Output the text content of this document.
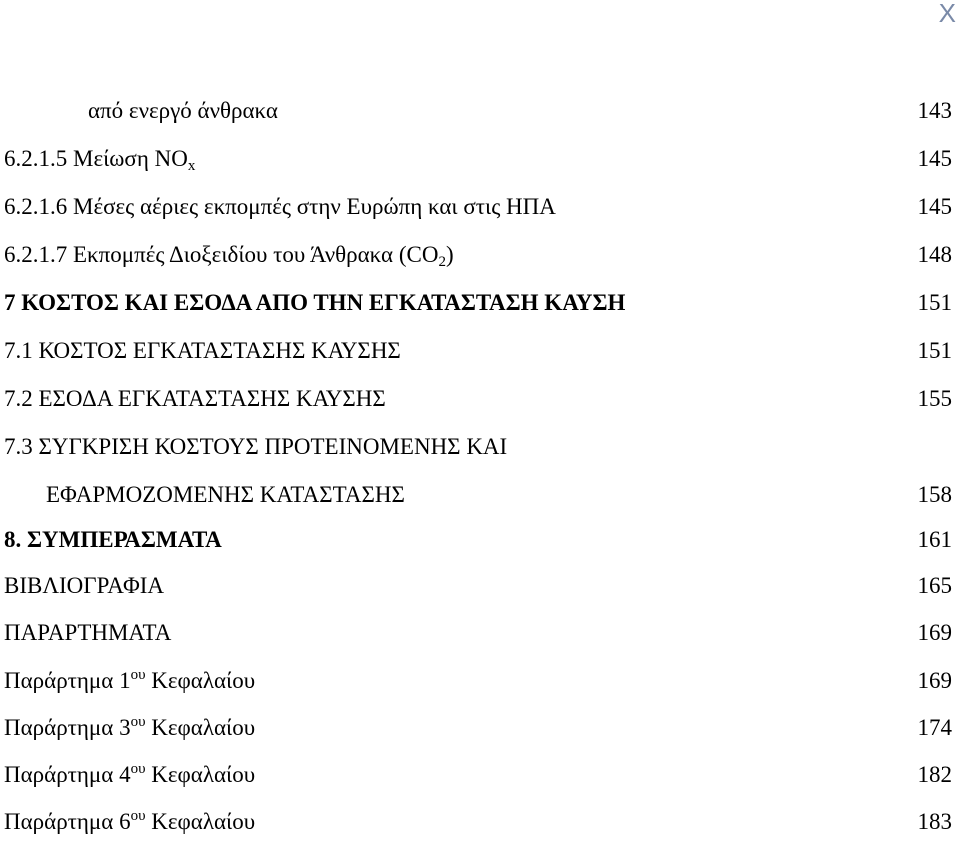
X
από ενεργό άνθρακα	143
6.2.1.5 Μείωση $NO_x$	145
6.2.1.6 Μέσες αέριες εκπομπές στην Ευρώπη και στις ΗΠΑ	145
6.2.1.7 Εκπομπές Διοξειδίου του Άνθρακα $(CO_2)$	148
7 ΚΟΣΤΟΣ ΚΑΙ ΕΣΟΔΑ ΑΠΟ ΤΗΝ ΕΓΚΑΤΑΣΤΑΣΗ ΚΑΥΣΗ	151
7.1 ΚΟΣΤΟΣ ΕΓΚΑΤΑΣΤΑΣΗΣ ΚΑΥΣΗΣ	151
7.2 ΕΣΟΔΑ ΕΓΚΑΤΑΣΤΑΣΗΣ ΚΑΥΣΗΣ	155
7.3 ΣΥΓΚΡΙΣΗ ΚΟΣΤΟΥΣ ΠΡΟΤΕΙΝΟΜΕΝΗΣ ΚΑΙ
ΕΦΑΡΜΟΖΟΜΕΝΗΣ ΚΑΤΑΣΤΑΣΗΣ	158
8. ΣΥΜΠΕΡΑΣΜΑΤΑ	161
ΒΙΒΛΙΟΓΡΑΦΙΑ	165
ΠΑΡΑΡΤΗΜΑΤΑ	169
Παράρτημα $1^{o\upsilon}$ Κεφαλαίου	169
Παράρτημα $3^{o\upsilon}$ Κεφαλαίου	174
Παράρτημα $4^{o\upsilon}$ Κεφαλαίου	182
Παράρτημα $6^{o\upsilon}$ Κεφαλαίου	183
